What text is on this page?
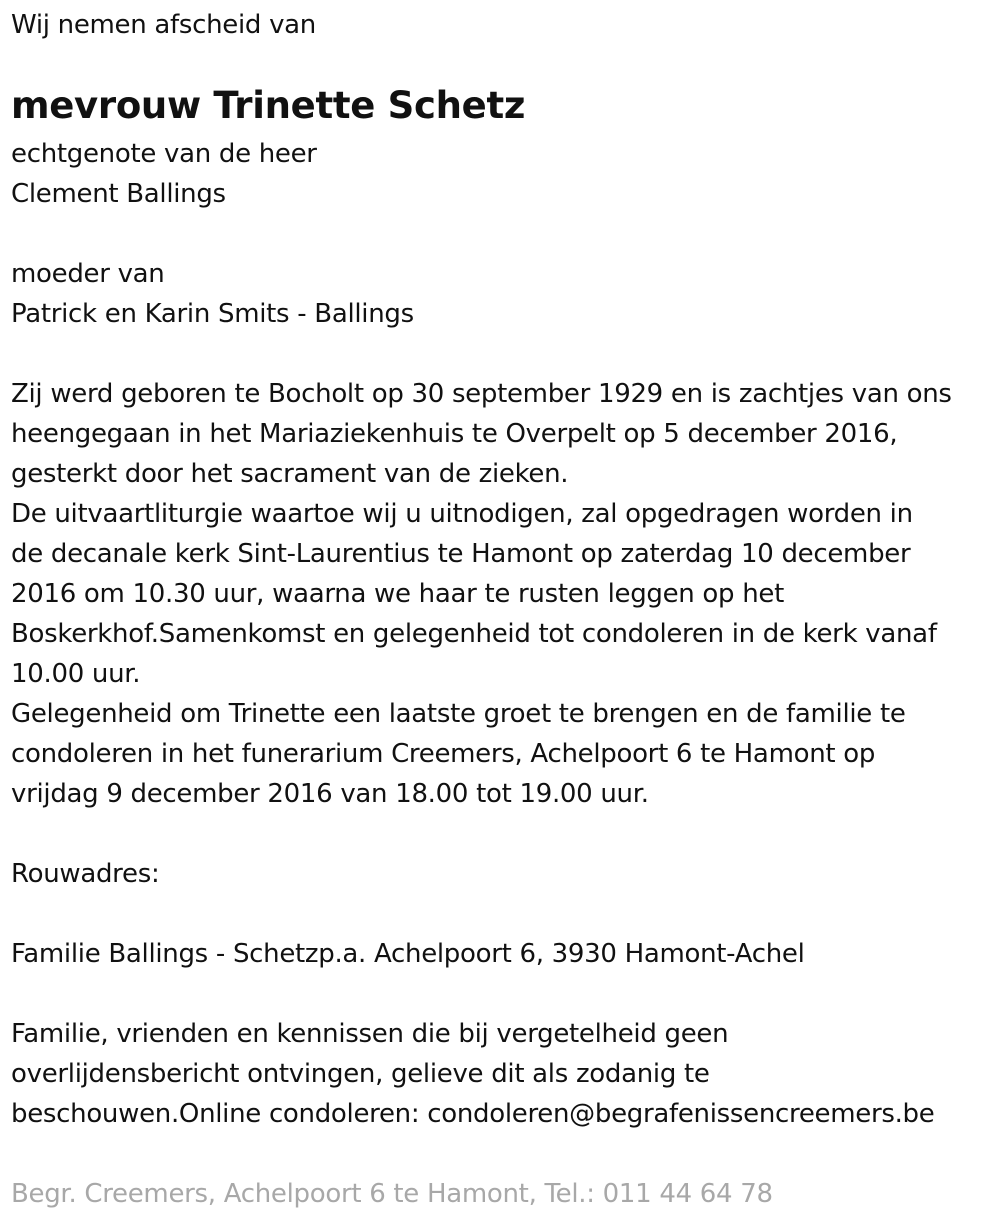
Wij nemen afscheid van
mevrouw Trinette Schetz
echtgenote van de heer
Clement Ballings
moeder van
Patrick en Karin Smits - Ballings
Zij werd geboren te Bocholt op 30 september 1929 en is zachtjes van ons
heengegaan in het Mariaziekenhuis te Overpelt op 5 december 2016,
gesterkt door het sacrament van de zieken.
De uitvaartliturgie waartoe wij u uitnodigen, zal opgedragen worden in
de decanale kerk Sint-Laurentius te Hamont op zaterdag 10 december
2016 om 10.30 uur, waarna we haar te rusten leggen op het
Boskerkhof.Samenkomst en gelegenheid tot condoleren in de kerk vanaf
10.00 uur.
Gelegenheid om Trinette een laatste groet te brengen en de familie te
condoleren in het funerarium Creemers, Achelpoort 6 te Hamont op
vrijdag 9 december 2016 van 18.00 tot 19.00 uur.
Rouwadres:
Familie Ballings - Schetzp.a. Achelpoort 6, 3930 Hamont-Achel
Familie, vrienden en kennissen die bij vergetelheid geen
overlijdensbericht ontvingen, gelieve dit als zodanig te
beschouwen.Online condoleren: condoleren@begrafenissencreemers.be
Begr. Creemers, Achelpoort 6 te Hamont, Tel.: 011 44 64 78
